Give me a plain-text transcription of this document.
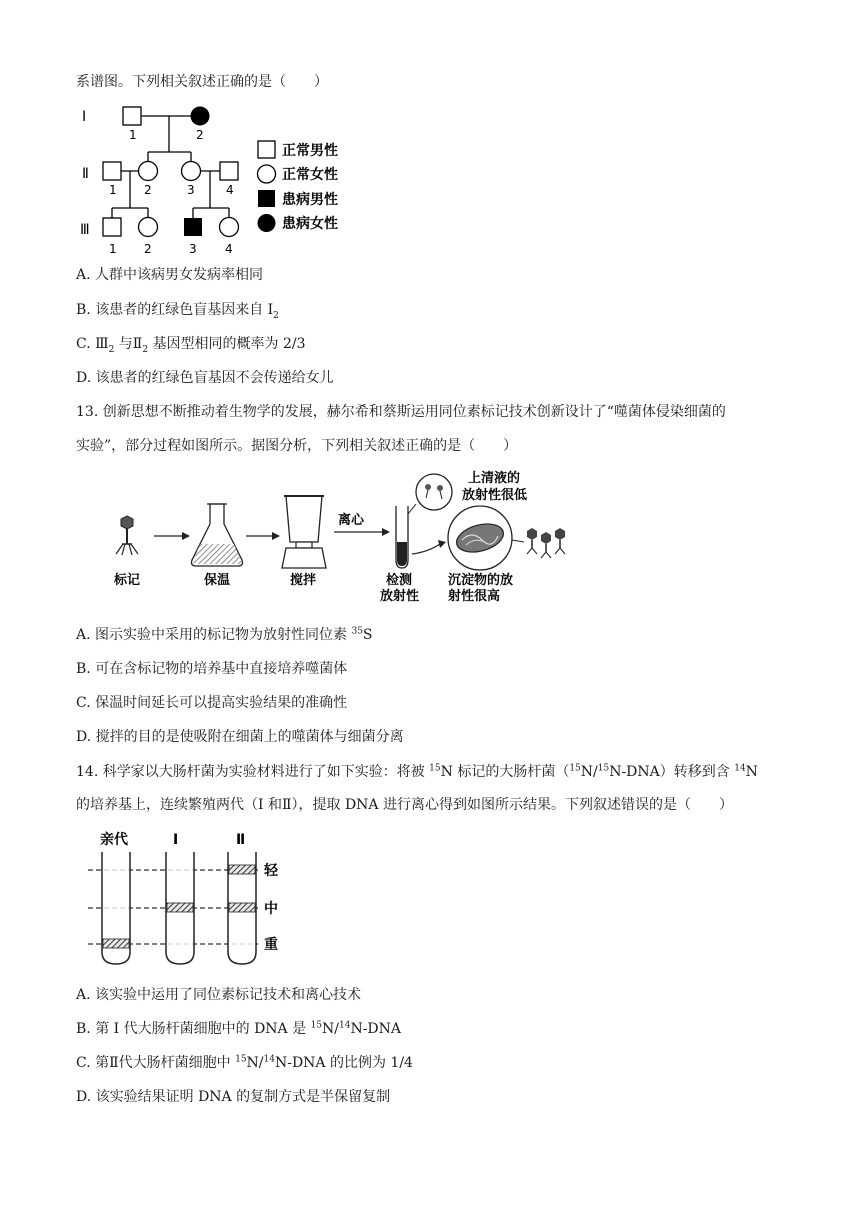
系谱图。下列相关叙述正确的是（　　）
Ⅰ
Ⅱ
Ⅲ
1	2
1 2	3	4
1 2	3 4
正常男性
正常女性
患病男性
患病女性
A. 人群中该病男女发病率相同
B. 该患者的红绿色盲基因来自 $I_2$
C. $Ⅲ_2$ 与$Ⅱ_2$ 基因型相同的概率为 2/3
D. 该患者的红绿色盲基因不会传递给女儿
13. 创新思想不断推动着生物学的发展，赫尔希和蔡斯运用同位素标记技术创新设计了“噬菌体侵染细菌的
实验”，部分过程如图所示。据图分析，下列相关叙述正确的是（　　）
标记	保温	搅拌
离心
检测
放射性
上清液的
放射性很低
沉淀物的放
射性很高
A. 图示实验中采用的标记物为放射性同位素 $^{35}$S
B. 可在含标记物的培养基中直接培养噬菌体
C. 保温时间延长可以提高实验结果的准确性
D. 搅拌的目的是使吸附在细菌上的噬菌体与细菌分离
14. 科学家以大肠杆菌为实验材料进行了如下实验：将被 $^{15}$N 标记的大肠杆菌（$^{15}$N/$^{15}$N-DNA）转移到含 $^{14}$N
的培养基上，连续繁殖两代（I 和Ⅱ），提取 DNA 进行离心得到如图所示结果。下列叙述错误的是（　　）
亲代	I	Ⅱ
轻
中
重
A. 该实验中运用了同位素标记技术和离心技术
B. 第 I 代大肠杆菌细胞中的 DNA 是 $^{15}$N/$^{14}$N-DNA
C. 第Ⅱ代大肠杆菌细胞中 $^{15}$N/$^{14}$N-DNA 的比例为 1/4
D. 该实验结果证明 DNA 的复制方式是半保留复制
